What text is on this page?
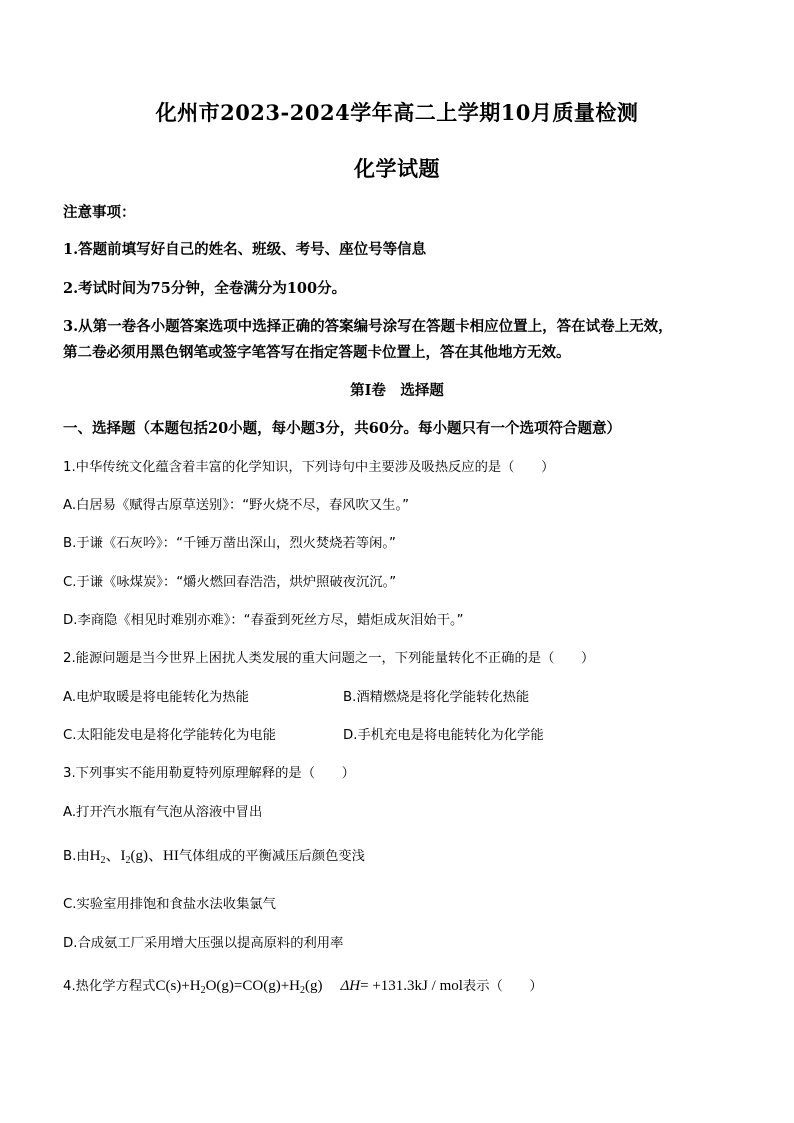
化州市2023-2024学年高二上学期10月质量检测
化学试题
注意事项：
1.答题前填写好自己的姓名、班级、考号、座位号等信息
2.考试时间为75分钟，全卷满分为100分。
3.从第一卷各小题答案选项中选择正确的答案编号涂写在答题卡相应位置上，答在试卷上无效，
第二卷必须用黑色钢笔或签字笔答写在指定答题卡位置上，答在其他地方无效。
第Ⅰ卷　选择题
一、选择题（本题包括20小题，每小题3分，共60分。每小题只有一个选项符合题意）
1.中华传统文化蕴含着丰富的化学知识，下列诗句中主要涉及吸热反应的是（　　）
A.白居易《赋得古原草送别》：“野火烧不尽，春风吹又生。”
B.于谦《石灰吟》：“千锤万凿出深山，烈火焚烧若等闲。”
C.于谦《咏煤炭》：“爝火燃回春浩浩，烘炉照破夜沉沉。”
D.李商隐《相见时难别亦难》：“春蚕到死丝方尽，蜡炬成灰泪始干。”
2.能源问题是当今世界上困扰人类发展的重大问题之一，下列能量转化不正确的是（　　）
A.电炉取暖是将电能转化为热能	B.酒精燃烧是将化学能转化热能
C.太阳能发电是将化学能转化为电能	D.手机充电是将电能转化为化学能
3.下列事实不能用勒夏特列原理解释的是（　　）
A.打开汽水瓶有气泡从溶液中冒出
B.由$H_2$、$I_2(g)$、HI气体组成的平衡减压后颜色变浅
C.实验室用排饱和食盐水法收集氯气
D.合成氨工厂采用增大压强以提高原料的利用率
4.热化学方程式$C(s)+H_2O(g)=CO(g)+H_2(g)$ ΔH= +131.3kJ / mol表示（　　）
